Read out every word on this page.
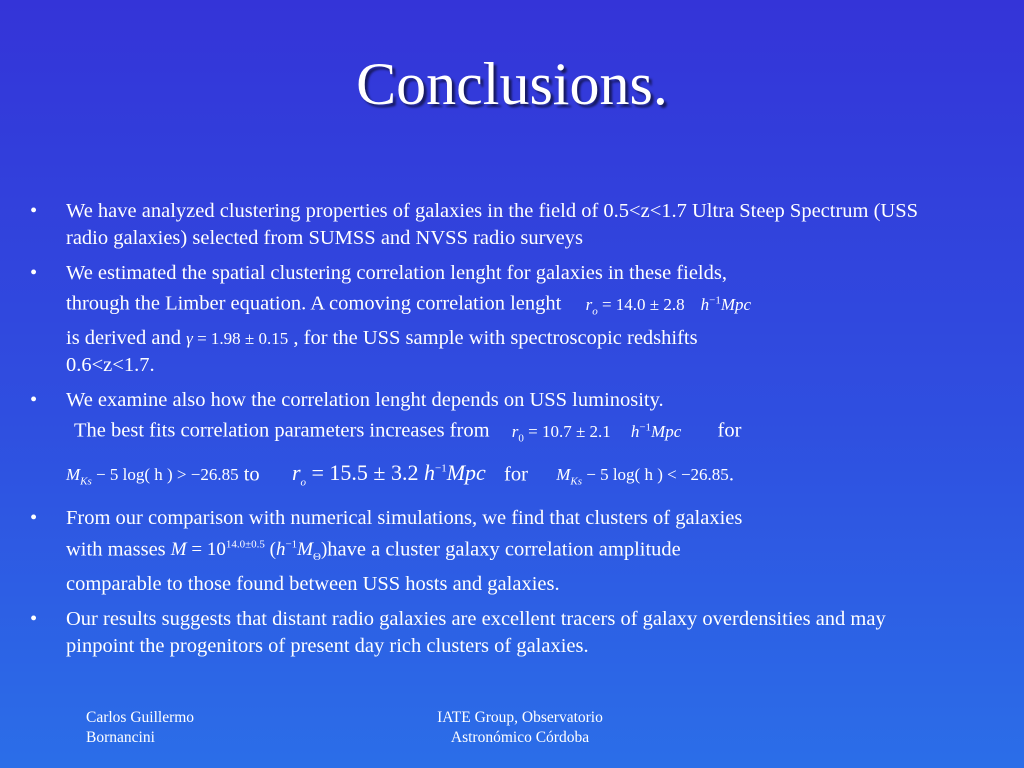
Conclusions.
• We have analyzed clustering properties of galaxies in the field of 0.5<z<1.7 Ultra Steep Spectrum (USS radio galaxies) selected from SUMSS and NVSS radio surveys
• We estimated the spatial clustering correlation lenght for galaxies in these fields,
through the Limber equation. A comoving correlation lenght $r_o = 14.0 \pm 2.8$ $h^{-1}Mpc$
is derived and γ = 1.98 ± 0.15 , for the USS sample with spectroscopic redshifts
0.6<z<1.7.
• We examine also how the correlation lenght depends on USS luminosity.
The best fits correlation parameters increases from $r_0 = 10.7 \pm 2.1$ $h^{-1}Mpc$ for
$M_{Ks} - 5$ log( h ) > −26.85 to $r_o = 15.5 \pm 3.2$ $h^{-1}Mpc$ for $M_{Ks} - 5$ log( h ) < −26.85.
• From our comparison with numerical simulations, we find that clusters of galaxies
with masses $M = 10^{14.0\pm 0.5}$ $(h^{-1}M_\Theta)have$ a cluster galaxy correlation amplitude
comparable to those found between USS hosts and galaxies.
• Our results suggests that distant radio galaxies are excellent tracers of galaxy overdensities and may pinpoint the progenitors of present day rich clusters of galaxies.
Carlos Guillermo
Bornancini
IATE Group, Observatorio
Astronómico Córdoba
